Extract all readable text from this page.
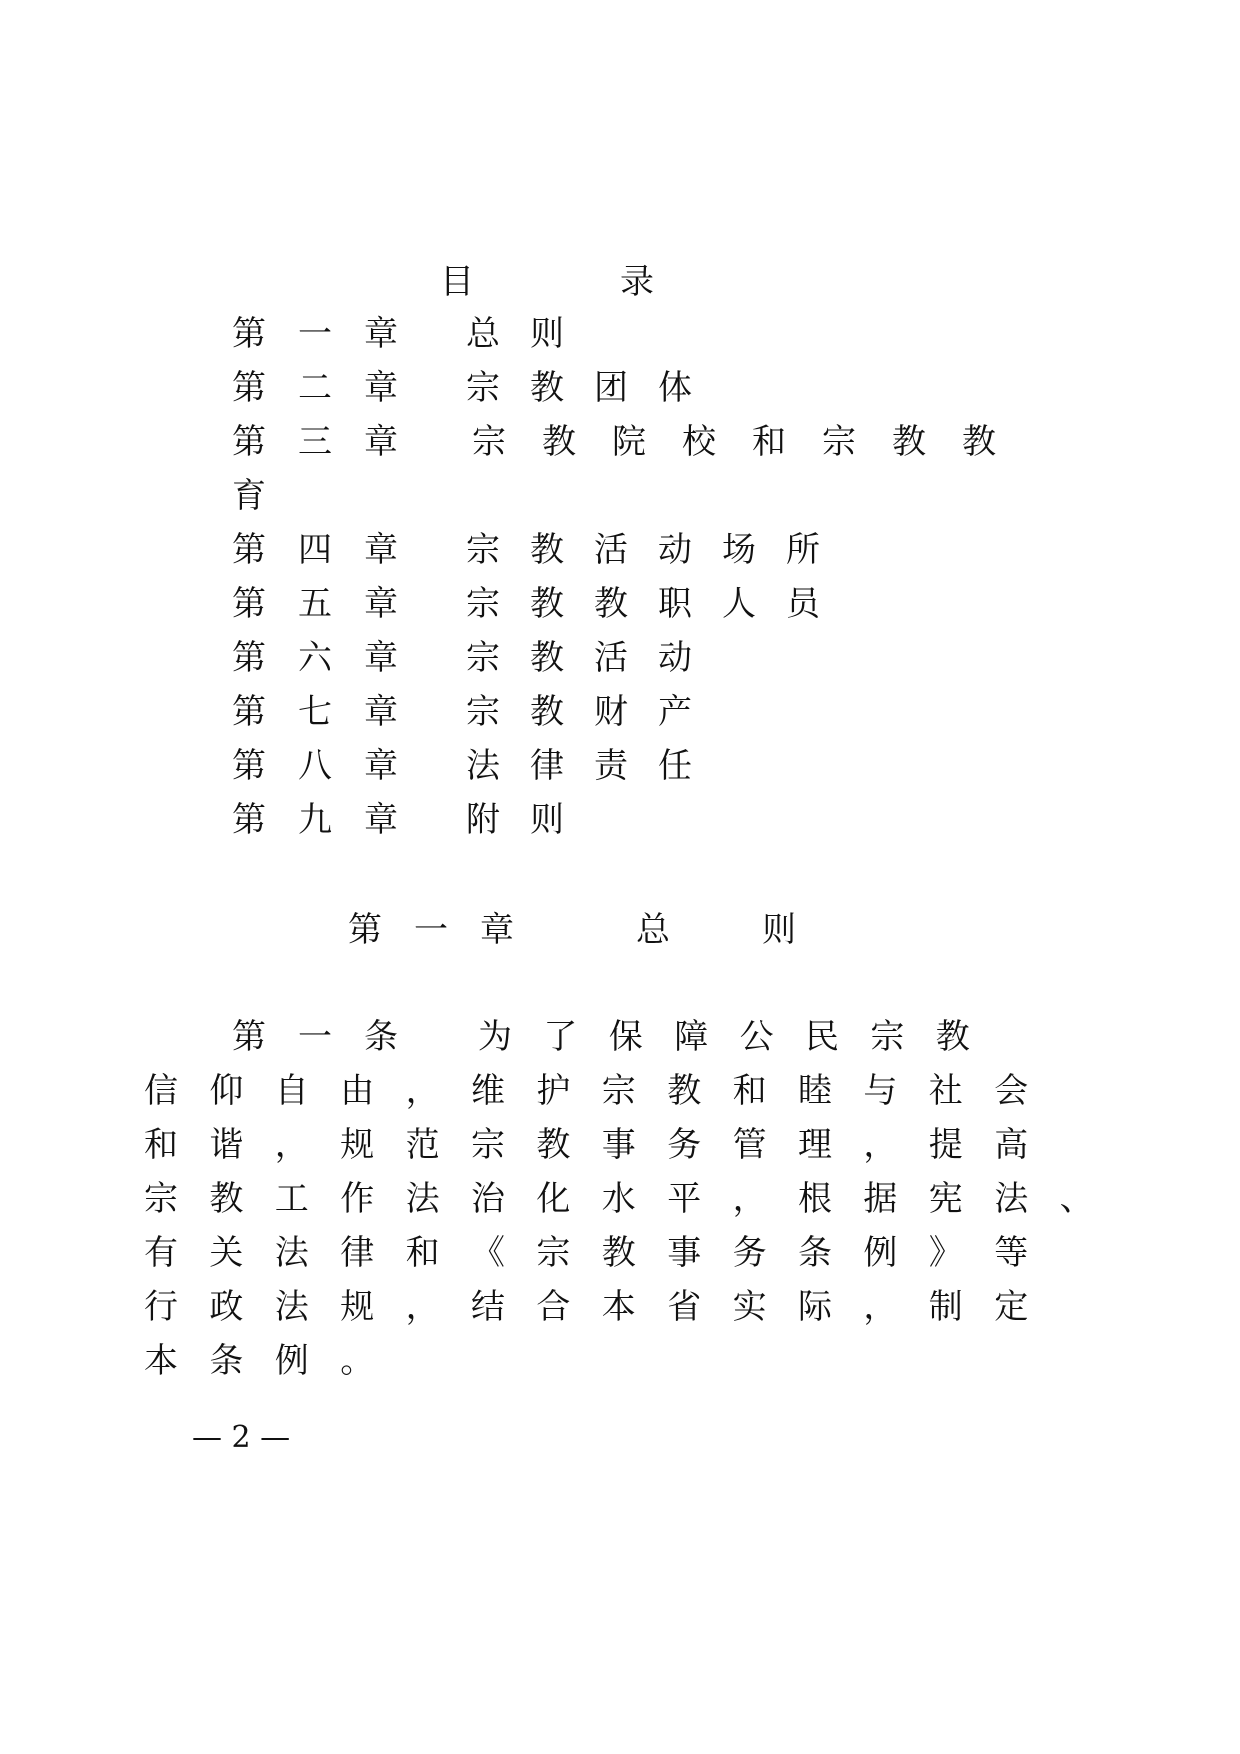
目	录
第一章 总则
第二章 宗教团体
第三章 宗教院校和宗教教
育
第四章 宗教活动场所
第五章 宗教教职人员
第六章 宗教活动
第七章 宗教财产
第八章 法律责任
第九章 附则
第一章	总	则
第一条 为了保障公民宗教
信仰自由，维护宗教和睦与社会
和谐，规范宗教事务管理，提高
宗教工作法治化水平，根据宪法、
有关法律和《宗教事务条例》等
行政法规，结合本省实际，制定
本条例。
— 2 —
